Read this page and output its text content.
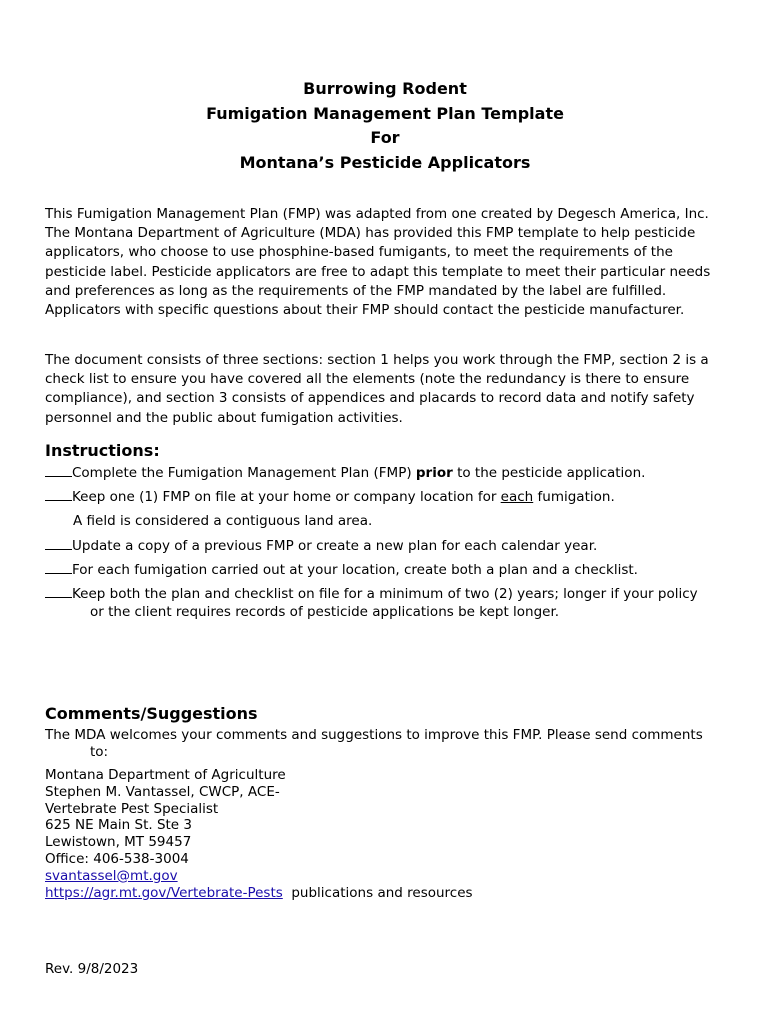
Burrowing Rodent
Fumigation Management Plan Template
For
Montana’s Pesticide Applicators
This Fumigation Management Plan (FMP) was adapted from one created by Degesch America, Inc. The Montana Department of Agriculture (MDA) has provided this FMP template to help pesticide applicators, who choose to use phosphine-based fumigants, to meet the requirements of the pesticide label. Pesticide applicators are free to adapt this template to meet their particular needs and preferences as long as the requirements of the FMP mandated by the label are fulfilled. Applicators with specific questions about their FMP should contact the pesticide manufacturer.
The document consists of three sections: section 1 helps you work through the FMP, section 2 is a check list to ensure you have covered all the elements (note the redundancy is there to ensure compliance), and section 3 consists of appendices and placards to record data and notify safety personnel and the public about fumigation activities.
Instructions:
Complete the Fumigation Management Plan (FMP) prior to the pesticide application.
Keep one (1) FMP on file at your home or company location for each fumigation.
A field is considered a contiguous land area.
Update a copy of a previous FMP or create a new plan for each calendar year.
For each fumigation carried out at your location, create both a plan and a checklist.
Keep both the plan and checklist on file for a minimum of two (2) years; longer if your policy
or the client requires records of pesticide applications be kept longer.
Comments/Suggestions
The MDA welcomes your comments and suggestions to improve this FMP. Please send comments
to:
Montana Department of Agriculture
Stephen M. Vantassel, CWCP, ACE-
Vertebrate Pest Specialist
625 NE Main St. Ste 3
Lewistown, MT 59457
Office: 406-538-3004
svantassel@mt.gov
https://agr.mt.gov/Vertebrate-Pests  publications and resources
Rev. 9/8/2023
